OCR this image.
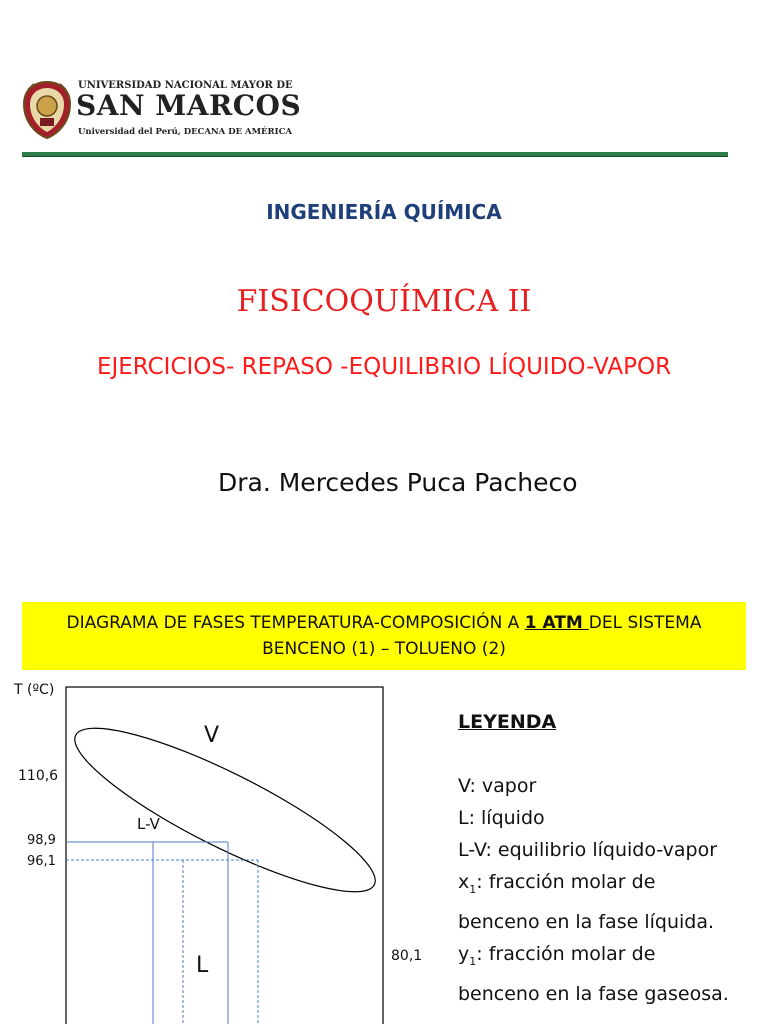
UNIVERSIDAD NACIONAL MAYOR DE
SAN MARCOS
Universidad del Perú, DECANA DE AMÉRICA
INGENIERÍA QUÍMICA
FISICOQUÍMICA II
EJERCICIOS- REPASO -EQUILIBRIO LÍQUIDO-VAPOR
Dra. Mercedes Puca Pacheco
DIAGRAMA DE FASES TEMPERATURA-COMPOSICIÓN A 1 ATM DEL SISTEMA BENCENO (1) – TOLUENO (2)
T (ºC)
110,6
98,9
96,1
80,1
V
L-V
L
LEYENDA
V: vapor
L: líquido
L-V: equilibrio líquido-vapor
$x_1$: fracción molar de
benceno en la fase líquida.
$y_1$: fracción molar de
benceno en la fase gaseosa.
